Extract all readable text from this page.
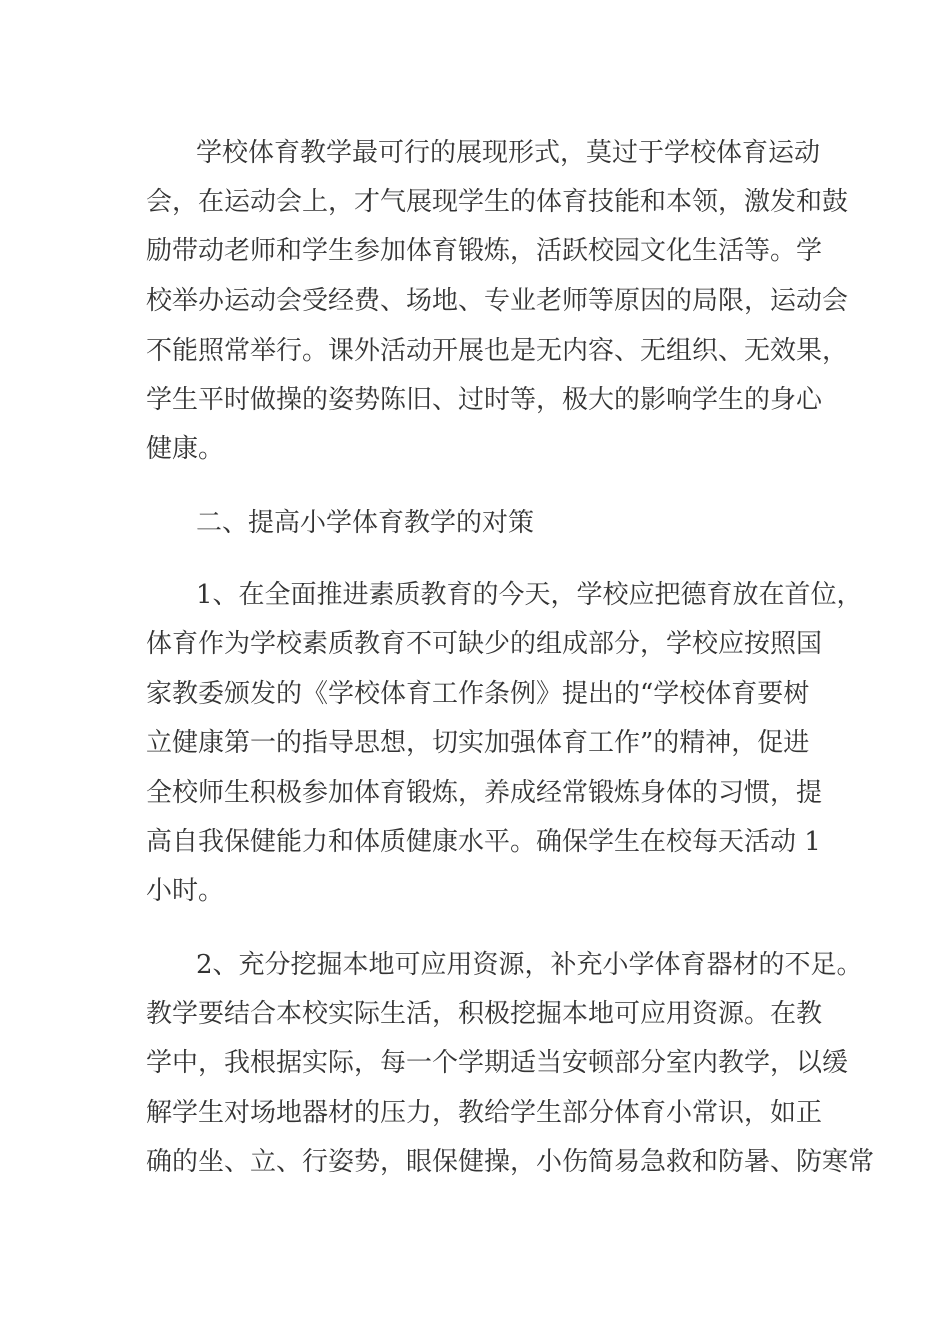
学校体育教学最可行的展现形式，莫过于学校体育运动
会，在运动会上，才气展现学生的体育技能和本领，激发和鼓
励带动老师和学生参加体育锻炼，活跃校园文化生活等。学
校举办运动会受经费、场地、专业老师等原因的局限，运动会
不能照常举行。课外活动开展也是无内容、无组织、无效果，
学生平时做操的姿势陈旧、过时等，极大的影响学生的身心
健康。
二、提高小学体育教学的对策
1、在全面推进素质教育的今天，学校应把德育放在首位，
体育作为学校素质教育不可缺少的组成部分，学校应按照国
家教委颁发的《学校体育工作条例》提出的“学校体育要树
立健康第一的指导思想，切实加强体育工作”的精神，促进
全校师生积极参加体育锻炼，养成经常锻炼身体的习惯，提
高自我保健能力和体质健康水平。确保学生在校每天活动 1
小时。
2、充分挖掘本地可应用资源，补充小学体育器材的不足。
教学要结合本校实际生活，积极挖掘本地可应用资源。在教
学中，我根据实际，每一个学期适当安顿部分室内教学，以缓
解学生对场地器材的压力，教给学生部分体育小常识，如正
确的坐、立、行姿势，眼保健操，小伤简易急救和防暑、防寒常
